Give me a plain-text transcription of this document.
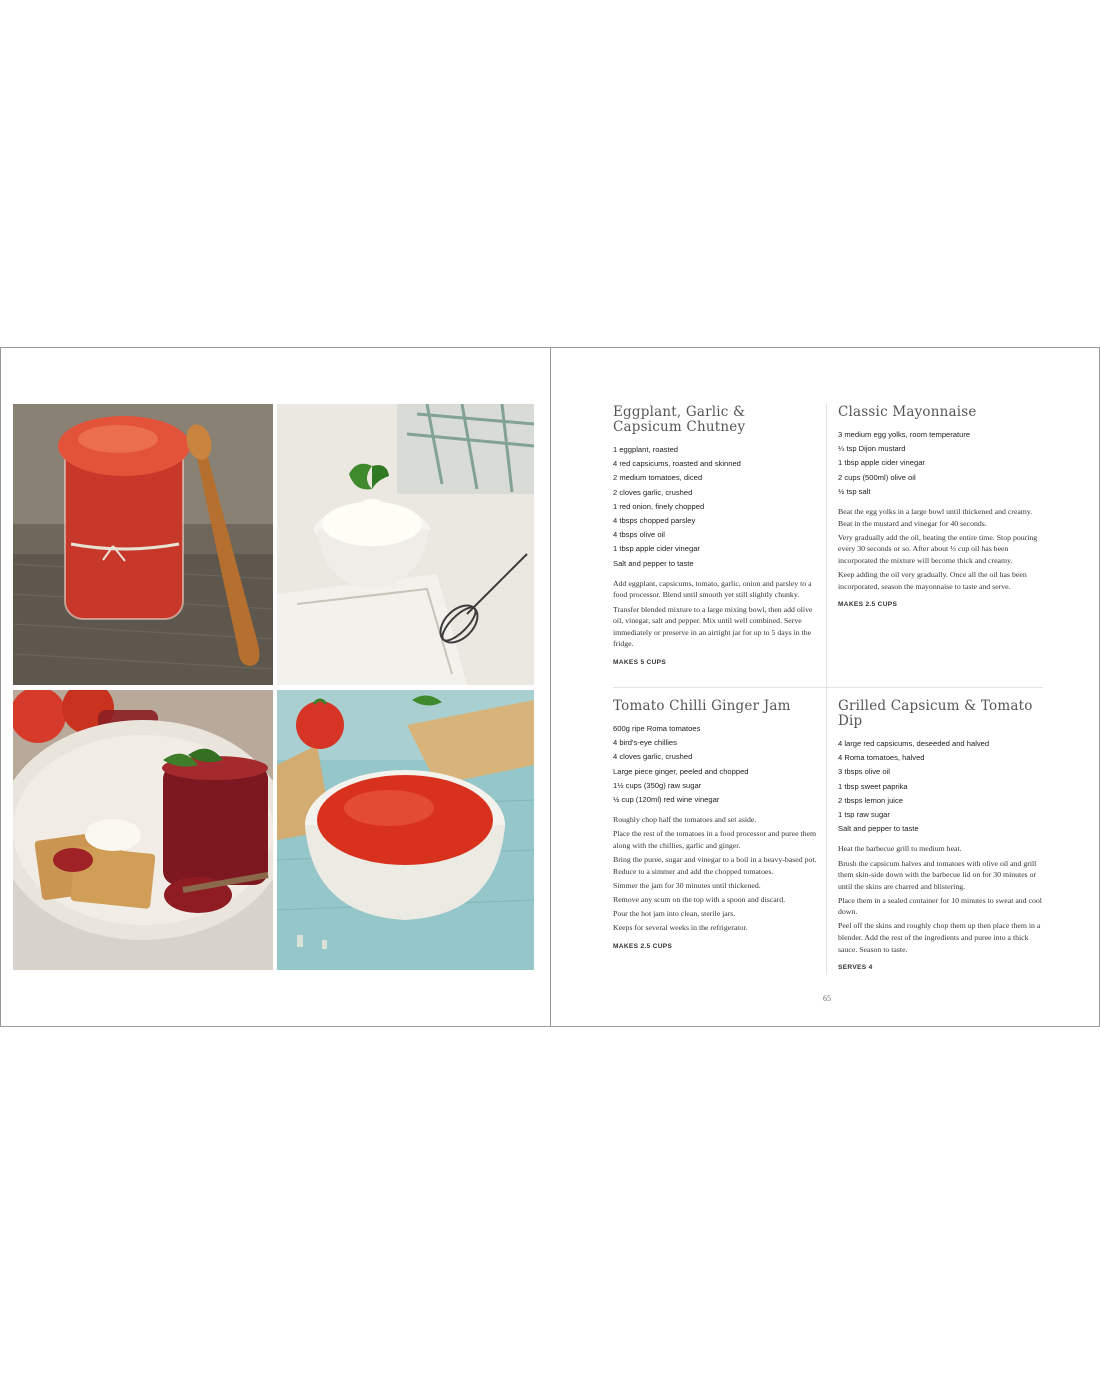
Eggplant, Garlic & Capsicum Chutney
1 eggplant, roasted
4 red capsicums, roasted and skinned
2 medium tomatoes, diced
2 cloves garlic, crushed
1 red onion, finely chopped
4 tbsps chopped parsley
4 tbsps olive oil
1 tbsp apple cider vinegar
Salt and pepper to taste

Add eggplant, capsicums, tomato, garlic, onion and parsley to a food processor. Blend until smooth yet still slightly chunky.

Transfer blended mixture to a large mixing bowl, then add olive oil, vinegar, salt and pepper. Mix until well combined. Serve immediately or preserve in an airtight jar for up to 5 days in the fridge.

MAKES 5 CUPS
Classic Mayonnaise
3 medium egg yolks, room temperature
¼ tsp Dijon mustard
1 tbsp apple cider vinegar
2 cups (500ml) olive oil
½ tsp salt

Beat the egg yolks in a large bowl until thickened and creamy. Beat in the mustard and vinegar for 40 seconds.

Very gradually add the oil, beating the entire time. Stop pouring every 30 seconds or so. After about ⅓ cup oil has been incorporated the mixture will become thick and creamy.

Keep adding the oil very gradually. Once all the oil has been incorporated, season the mayonnaise to taste and serve.

MAKES 2.5 CUPS
Tomato Chilli Ginger Jam
600g ripe Roma tomatoes
4 bird's-eye chillies
4 cloves garlic, crushed
Large piece ginger, peeled and chopped
1½ cups (350g) raw sugar
½ cup (120ml) red wine vinegar

Roughly chop half the tomatoes and set aside.

Place the rest of the tomatoes in a food processor and puree them along with the chillies, garlic and ginger.

Bring the puree, sugar and vinegar to a boil in a heavy-based pot. Reduce to a simmer and add the chopped tomatoes.

Simmer the jam for 30 minutes until thickened.

Remove any scum on the top with a spoon and discard.

Pour the hot jam into clean, sterile jars.

Keeps for several weeks in the refrigerator.

MAKES 2.5 CUPS
Grilled Capsicum & Tomato Dip
4 large red capsicums, deseeded and halved
4 Roma tomatoes, halved
3 tbsps olive oil
1 tbsp sweet paprika
2 tbsps lemon juice
1 tsp raw sugar
Salt and pepper to taste

Heat the barbecue grill to medium heat.

Brush the capsicum halves and tomatoes with olive oil and grill them skin-side down with the barbecue lid on for 30 minutes or until the skins are charred and blistering.

Place them in a sealed container for 10 minutes to sweat and cool down.

Peel off the skins and roughly chop them up then place them in a blender. Add the rest of the ingredients and puree into a thick sauce. Season to taste.

SERVES 4
65
